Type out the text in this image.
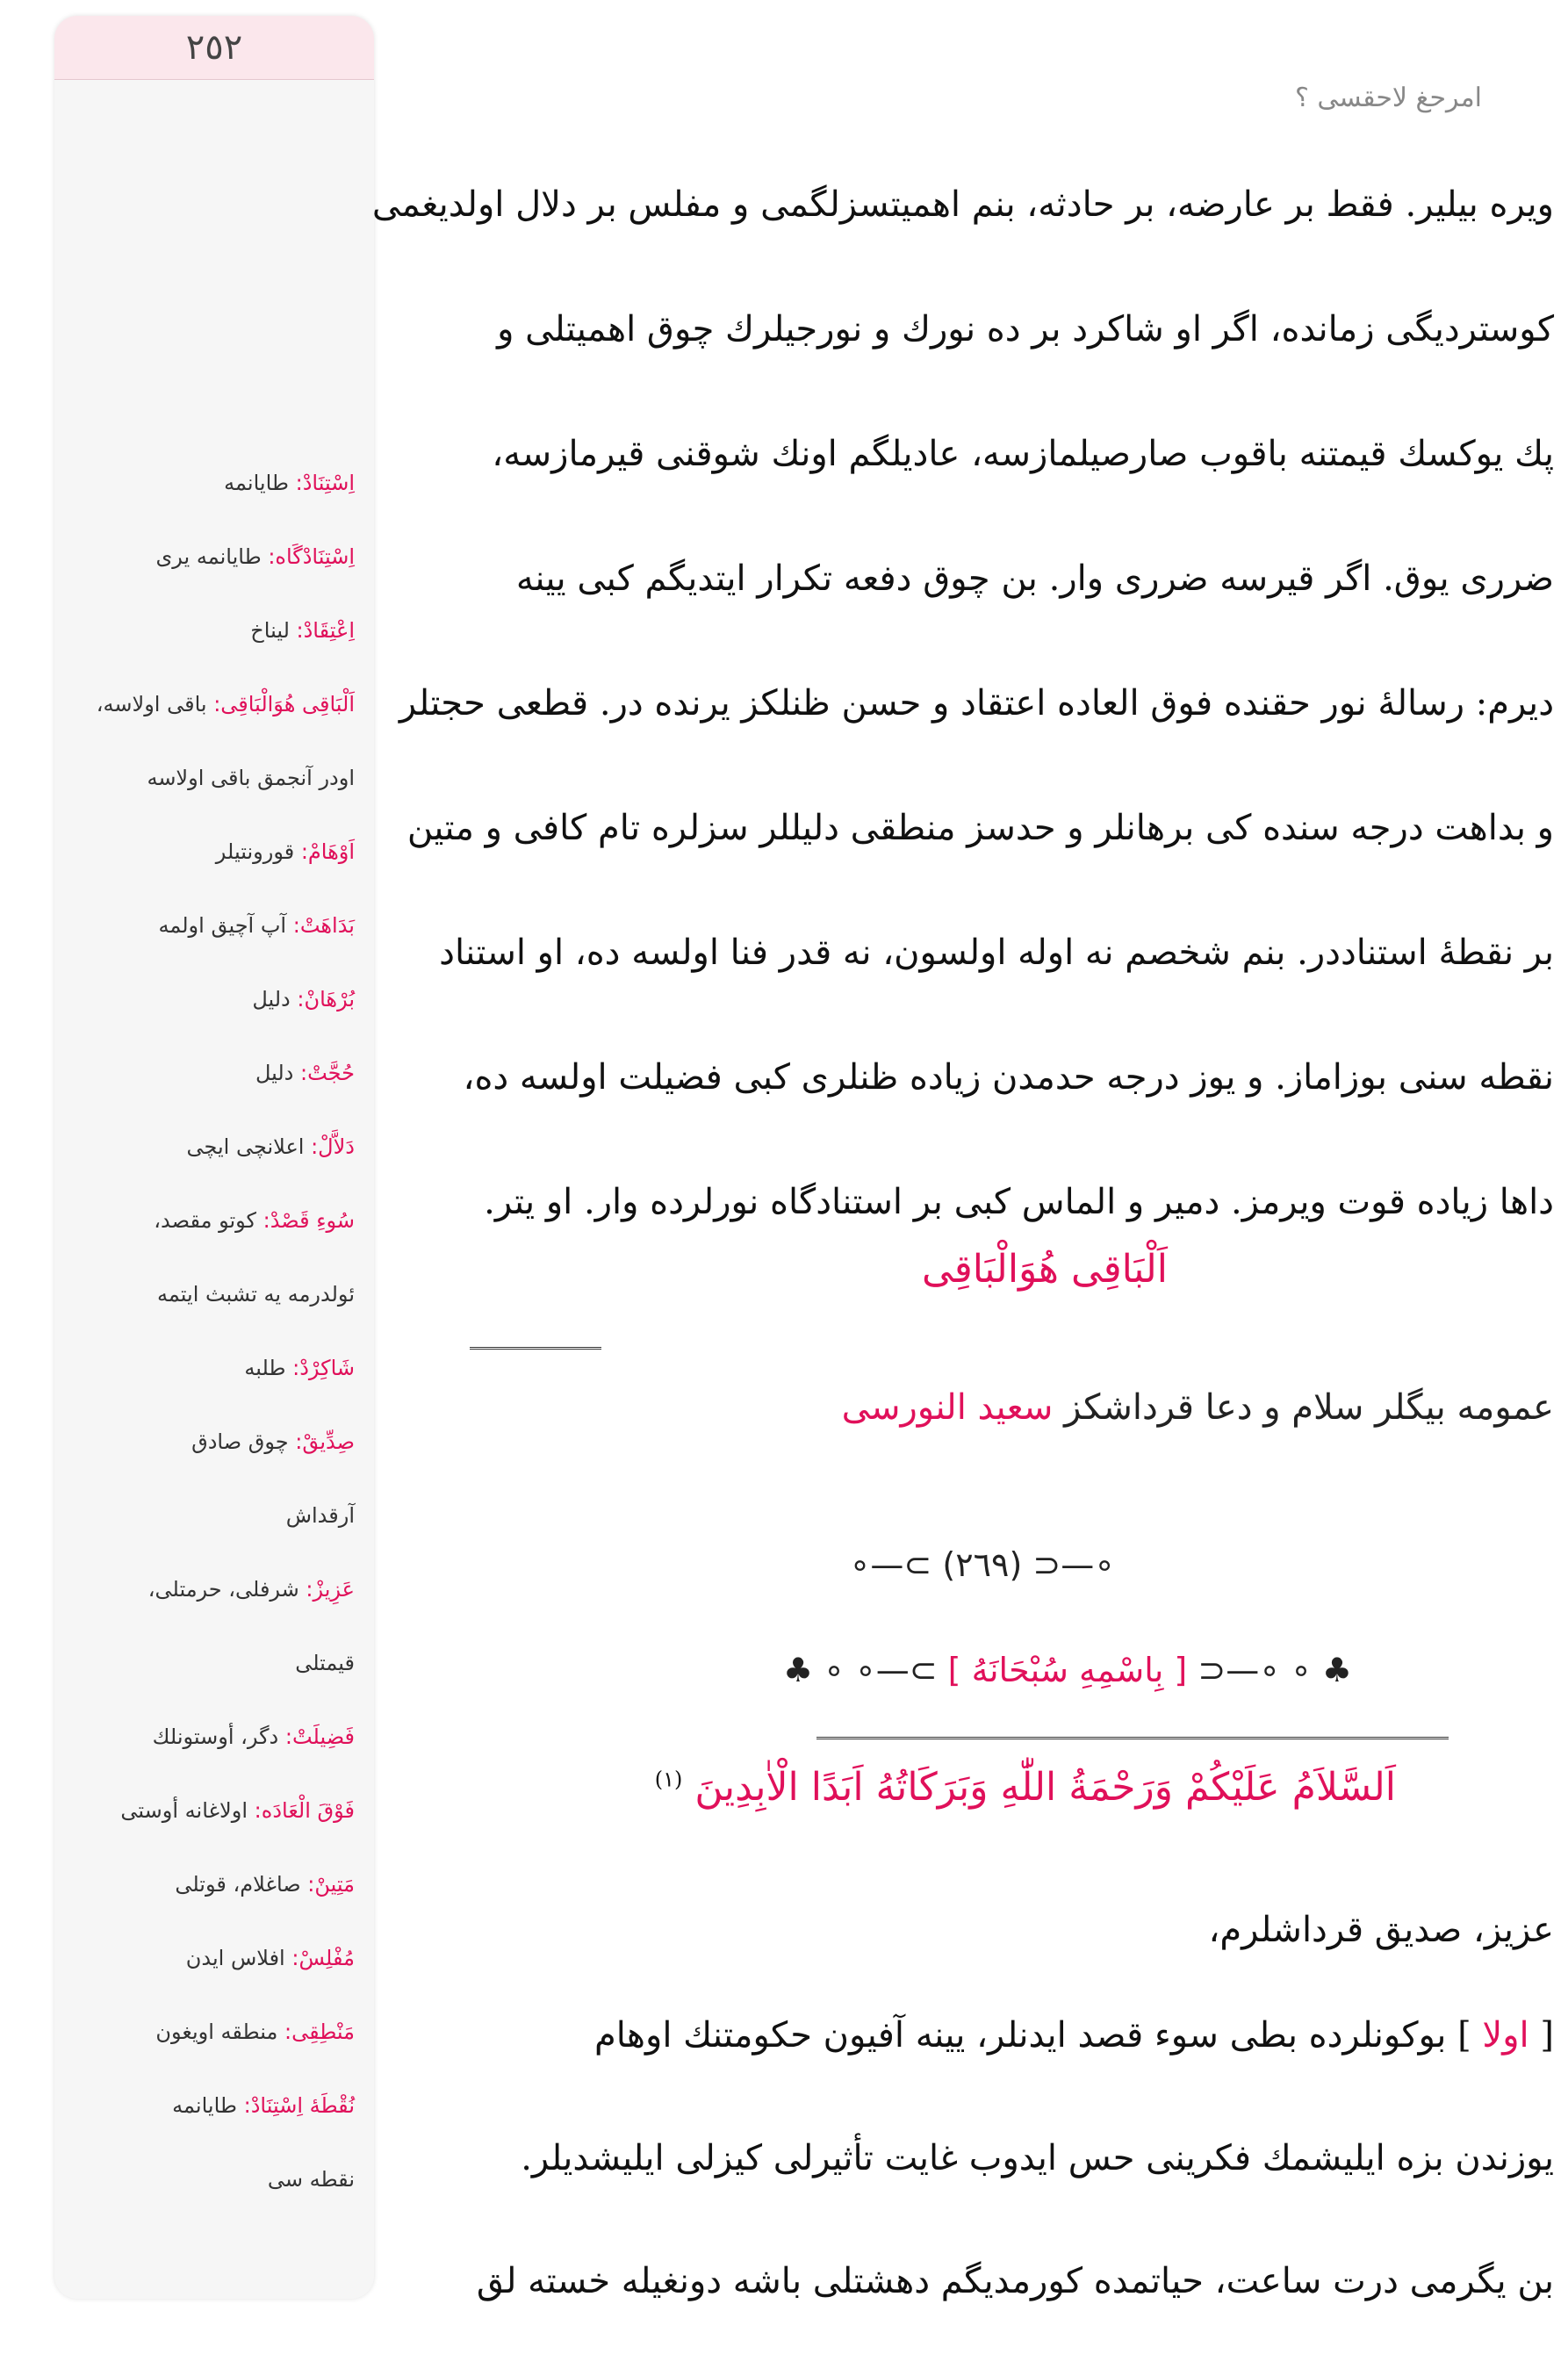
٢٥٢
اِسْتِنَادْ: طايانمه
اِسْتِنَادْگَاه: طايانمه يرى
اِعْتِقَادْ: ليناخ
اَلْبَاقِى هُوَالْبَاقِى: باقى اولاسه،
اودر آنجمق باقى اولاسه
اَوْهَامْ: قورونتيلر
بَدَاهَتْ: آپ آچيق اولمه
بُرْهَانْ: دليل
حُجَّتْ: دليل
دَلاَّلْ: اعلانچى ايچى
سُوءِ قَصْدْ: كوتو مقصد،
ئولدرمه يه تشبث ايتمه
شَاكِرْدْ: طلبه
صِدِّيقْ: چوق صادق
آرقداش
عَزِيزْ: شرفلى، حرمتلى،
قيمتلى
فَضِيلَتْ: دگر، أوستونلك
فَوْقَ الْعَادَه: اولاغانه أوستى
مَتِينْ: صاغلام، قوتلى
مُفْلِسْ: افلاس ايدن
مَنْطِقِى: منطقه اويغون
نُقْطَهٔ اِسْتِنَادْ: طايانمه
نقطه سى
امرحغ لاحقسى ؟
ويره بيلير. فقط بر عارضه، بر حادثه، بنم اهميتسزلگمى و مفلس بر دلال اولديغمى
كوستردیگى زمانده، اگر او شاكرد بر ده نورك و نورجيلرك چوق اهميتلى و
پك يوكسك قيمتنه باقوب صارصيلمازسه، عاديلگم اونك شوقنى قيرمازسه،
ضررى يوق. اگر قيرسه ضررى وار. بن چوق دفعه تكرار ايتديگم كبى يينه
ديرم: رسالهٔ نور حقنده فوق العاده اعتقاد و حسن ظنلكز يرنده در. قطعى حجتلر
و بداهت درجه سنده كى برهانلر و حدسز منطقى دليللر سزلره تام كافى و متين
بر نقطهٔ استناددر. بنم شخصم نه اوله اولسون، نه قدر فنا اولسه ده، او استناد
نقطه سنى بوزاماز. و يوز درجه حدمدن زياده ظنلرى كبى فضيلت اولسه ده،
داها زياده قوت ويرمز. دمير و الماس كبى بر استنادگاه نورلرده وار. او يتر.
اَلْبَاقِى هُوَالْبَاقِى
عمومه بيگلر سلام و دعا قرداشكز سعيد النورسى
∘—⊂ (٢٦٩) ⊃—∘
♣ ∘ ∘—⊂ [ بِاسْمِهِ سُبْحَانَهُ ] ⊃—∘ ∘ ♣
اَلسَّلاَمُ عَلَيْكُمْ وَرَحْمَةُ اللّٰهِ وَبَرَكَاتُهُ اَبَدًا الْاٰبِدِينَ $^{(١)}$
عزيز، صديق قرداشلرم،
[ اولا ] بوكونلرده بطى سوء قصد ايدنلر، يينه آفيون حكومتنك اوهام
يوزندن بزه ايليشمك فكرينى حس ايدوب غايت تأثيرلى كيزلى ايليشديلر.
بن يگرمى درت ساعت، حياتمده كورمدیگم دهشتلى باشه دونغيله خسته لق
